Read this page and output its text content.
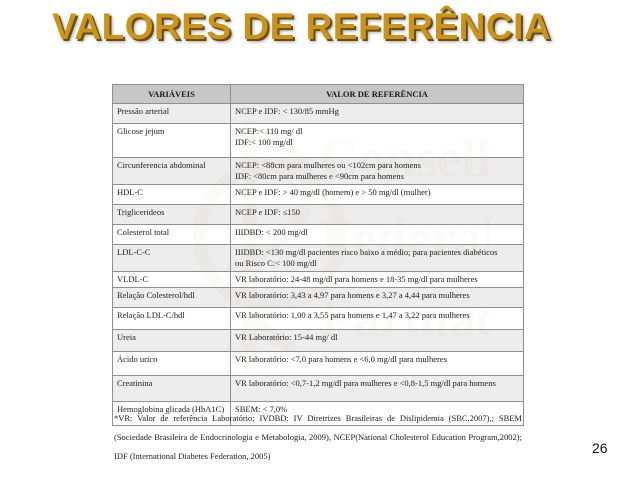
VALORES DE REFERÊNCIA
VARIÁVEIS	VALOR DE REFERÊNCIA
Pressão arterial	NCEP e IDF: < 130/85 mmHg
Glicose jejum	NCEP:< 110 mg/ dl
IDF:< 100 mg/dl
Circunferencia abdominal	NCEP: <88cm para mulheres ou <102cm para homens
IDF: <80cm para mulheres e <90cm para homens
HDL-C	NCEP e IDF: > 40 mg/dl (homem) e > 50 mg/dl (mulher)
Triglicerideos	NCEP e IDF: ≤150
Colesterol total	IIIDBD: < 200 mg/dl
LDL-C-C	IIIDBD: <130 mg/dl pacientes risco baixo a médio; para pacientes diabéticos
ou Risco C:< 100 mg/dl
VLDL-C	VR laboratório: 24-48 mg/dl para homens e 18-35 mg/dl para mulheres
Relação Colesterol/hdl	VR laboratório: 3,43 a 4,97 para homens e 3,27 a 4,44 para mulheres
Relação LDL-C/hdl	VR laboratório: 1,00 a 3,55 para homens e 1,47 a 3,22 para mulheres
Ureia	VR Laboratório: 15-44 mg/ dl
Ácido urico	VR laboratório: <7,0 para homens e <6,0 mg/dl para mulheres
Creatinina	VR laboratório: <0,7-1,2 mg/dl para mulheres e <0,8-1,5 mg/dl para homens
Hemoglobina glicada (HbA1C)	SBEM: < 7,0%
*VR: Valor de referência Laboratório; IVDBD: IV Diretrizes Brasileiras de Dislipidemia (SBC,2007),; SBEM (Sociedade Brasileira de Endocrinologia e Metabologia, 2009), NCEP(National Cholesterol Education Program,2002); IDF (International Diabetes Federation, 2005)	26
